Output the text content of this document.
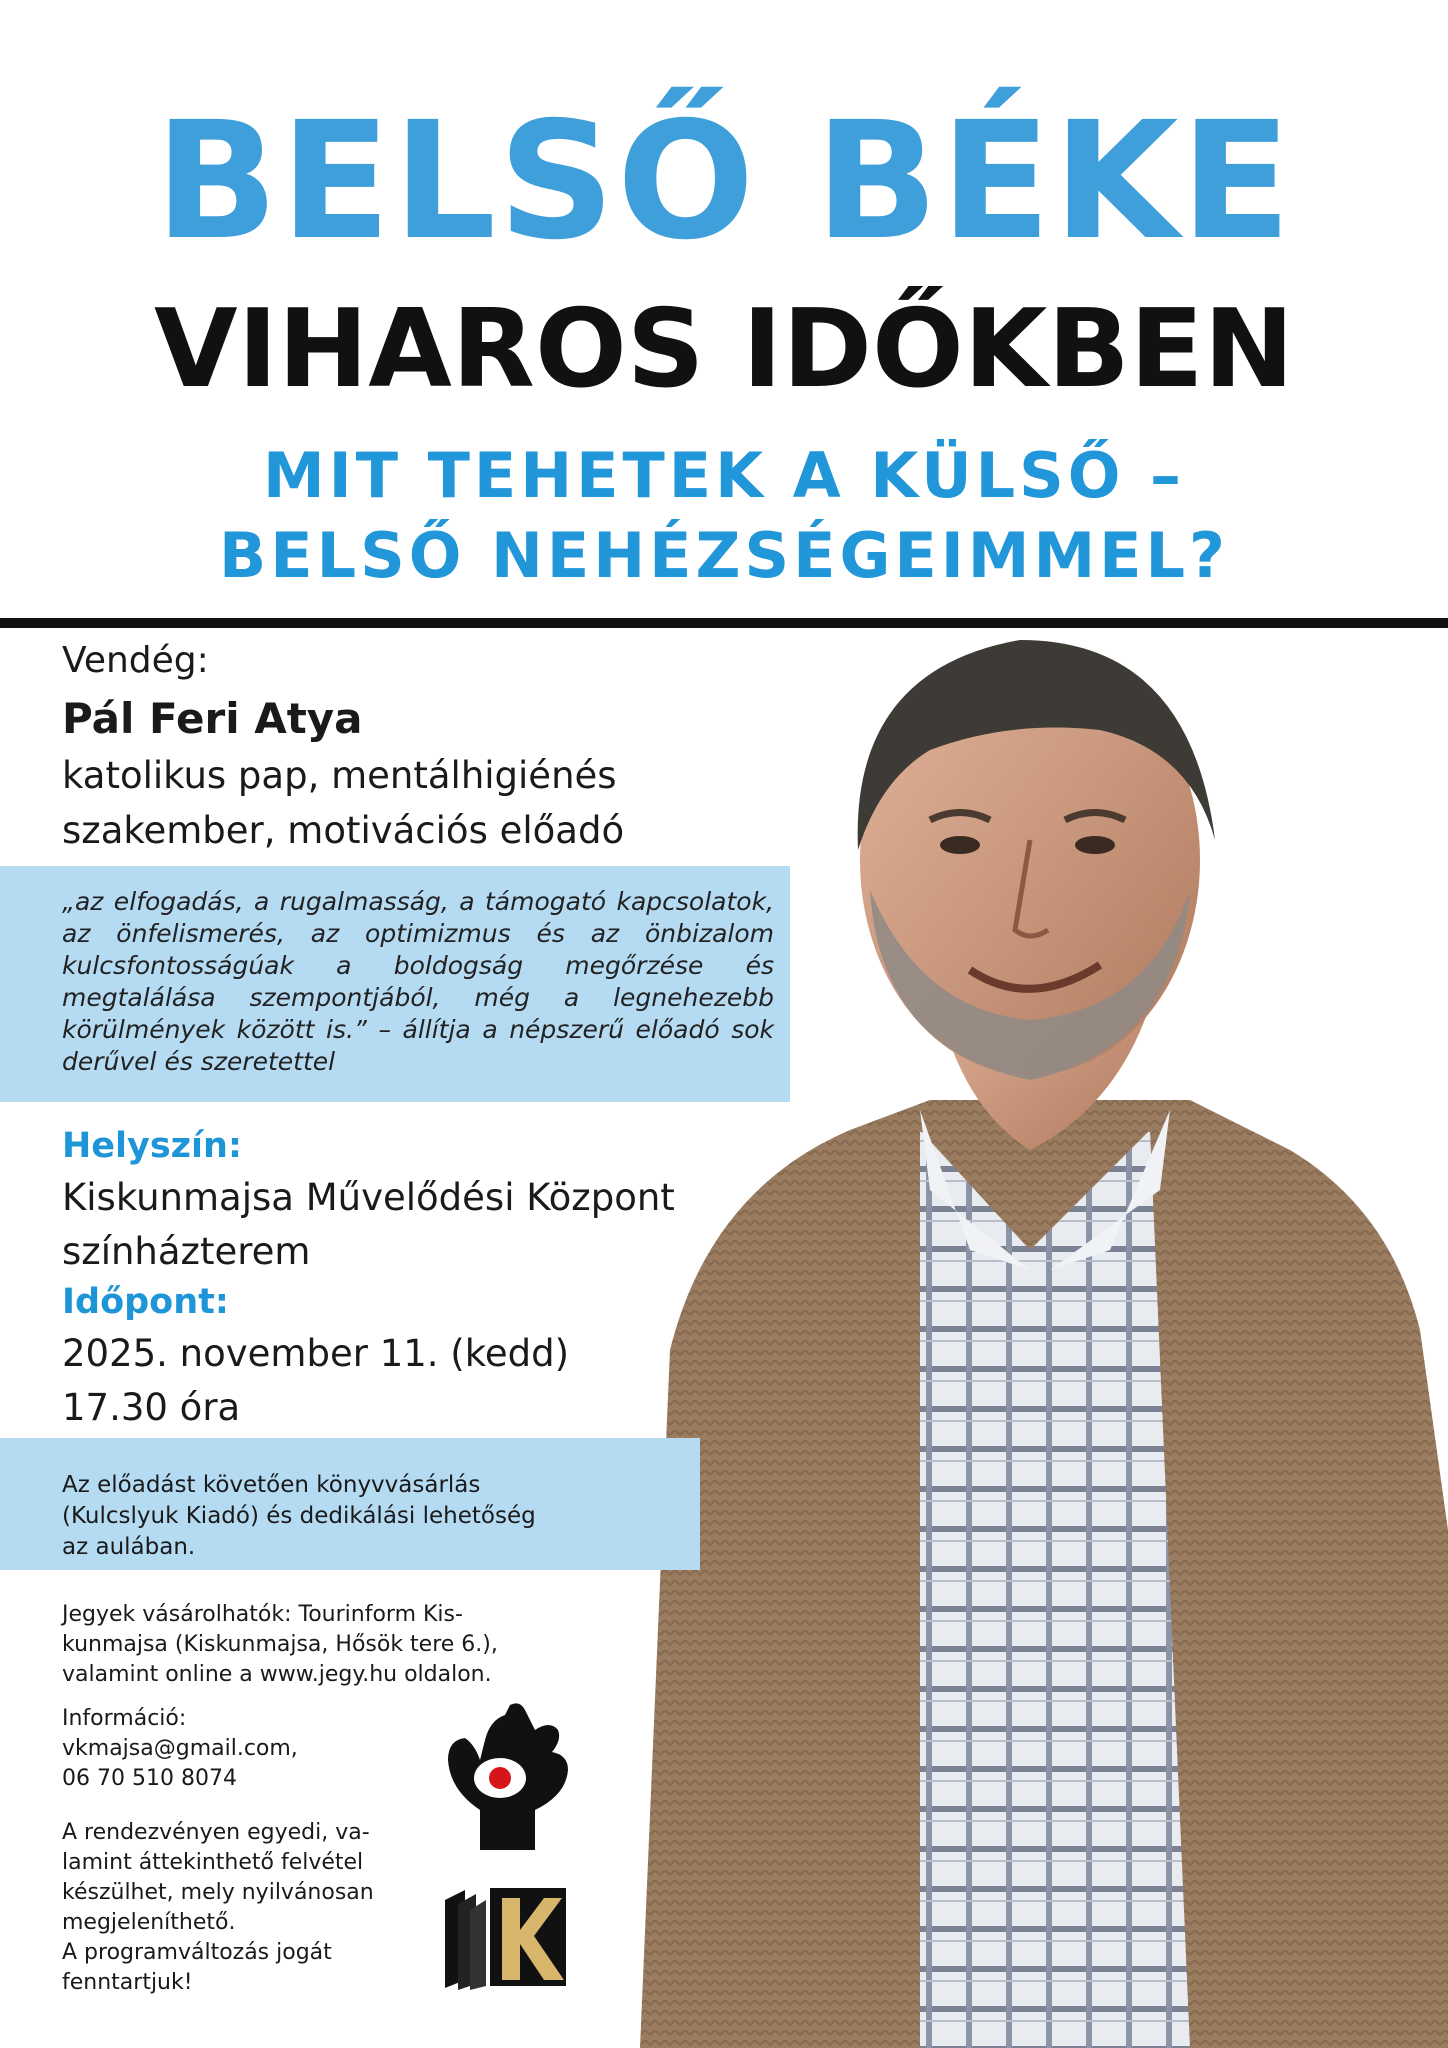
BELSŐ BÉKE
VIHAROS IDŐKBEN
MIT TEHETEK A KÜLSŐ –
BELSŐ NEHÉZSÉGEIMMEL?
Vendég:
Pál Feri Atya
katolikus pap, mentálhigiénés
szakember, motivációs előadó
„az elfogadás, a rugalmasság, a támogató kapcsolatok, az önfelismerés, az optimizmus és az önbizalom kulcsfontosságúak a boldogság megőrzése és megtalálása szempontjából, még a legnehezebb körülmények között is.” – állítja a népszerű előadó sok derűvel és szeretettel
Helyszín:
Kiskunmajsa Művelődési Központ
színházterem
Időpont:
2025. november 11. (kedd)
17.30 óra
Az előadást követően könyvvásárlás
(Kulcslyuk Kiadó) és dedikálási lehetőség
az aulában.
Jegyek vásárolhatók: Tourinform Kis-
kunmajsa (Kiskunmajsa, Hősök tere 6.),
valamint online a www.jegy.hu oldalon.
Információ:
vkmajsa@gmail.com,
06 70 510 8074
A rendezvényen egyedi, va-
lamint áttekinthető felvétel
készülhet, mely nyilvánosan
megjeleníthető.
A programváltozás jogát
fenntartjuk!
